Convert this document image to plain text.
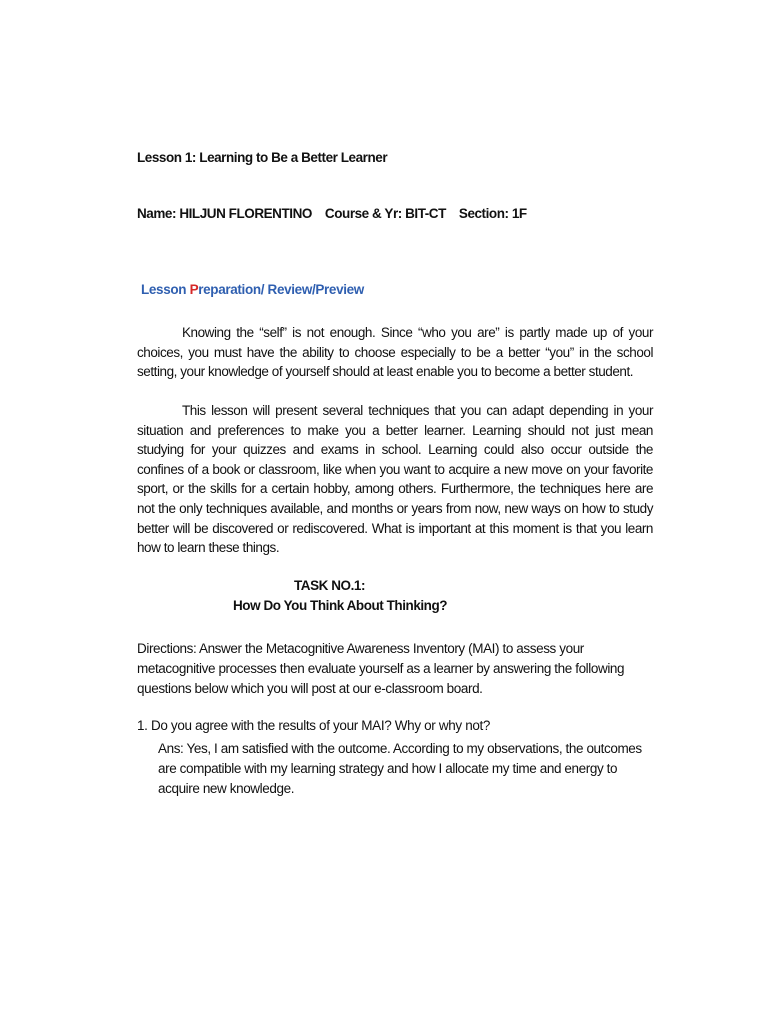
Lesson 1: Learning to Be a Better Learner

Name: HILJUN FLORENTINO Course & Yr: BIT-CT Section: 1F

Lesson Preparation/ Review/Preview

Knowing the “self” is not enough. Since “who you are” is partly made up of your choices, you must have the ability to choose especially to be a better “you” in the school setting, your knowledge of yourself should at least enable you to become a better student.

This lesson will present several techniques that you can adapt depending in your situation and preferences to make you a better learner. Learning should not just mean studying for your quizzes and exams in school. Learning could also occur outside the confines of a book or classroom, like when you want to acquire a new move on your favorite sport, or the skills for a certain hobby, among others. Furthermore, the techniques here are not the only techniques available, and months or years from now, new ways on how to study better will be discovered or rediscovered. What is important at this moment is that you learn how to learn these things.

TASK NO.1:

How Do You Think About Thinking?

Directions: Answer the Metacognitive Awareness Inventory (MAI) to assess your metacognitive processes then evaluate yourself as a learner by answering the following questions below which you will post at our e-classroom board.

1. Do you agree with the results of your MAI? Why or why not?

Ans: Yes, I am satisfied with the outcome. According to my observations, the outcomes are compatible with my learning strategy and how I allocate my time and energy to acquire new knowledge.
